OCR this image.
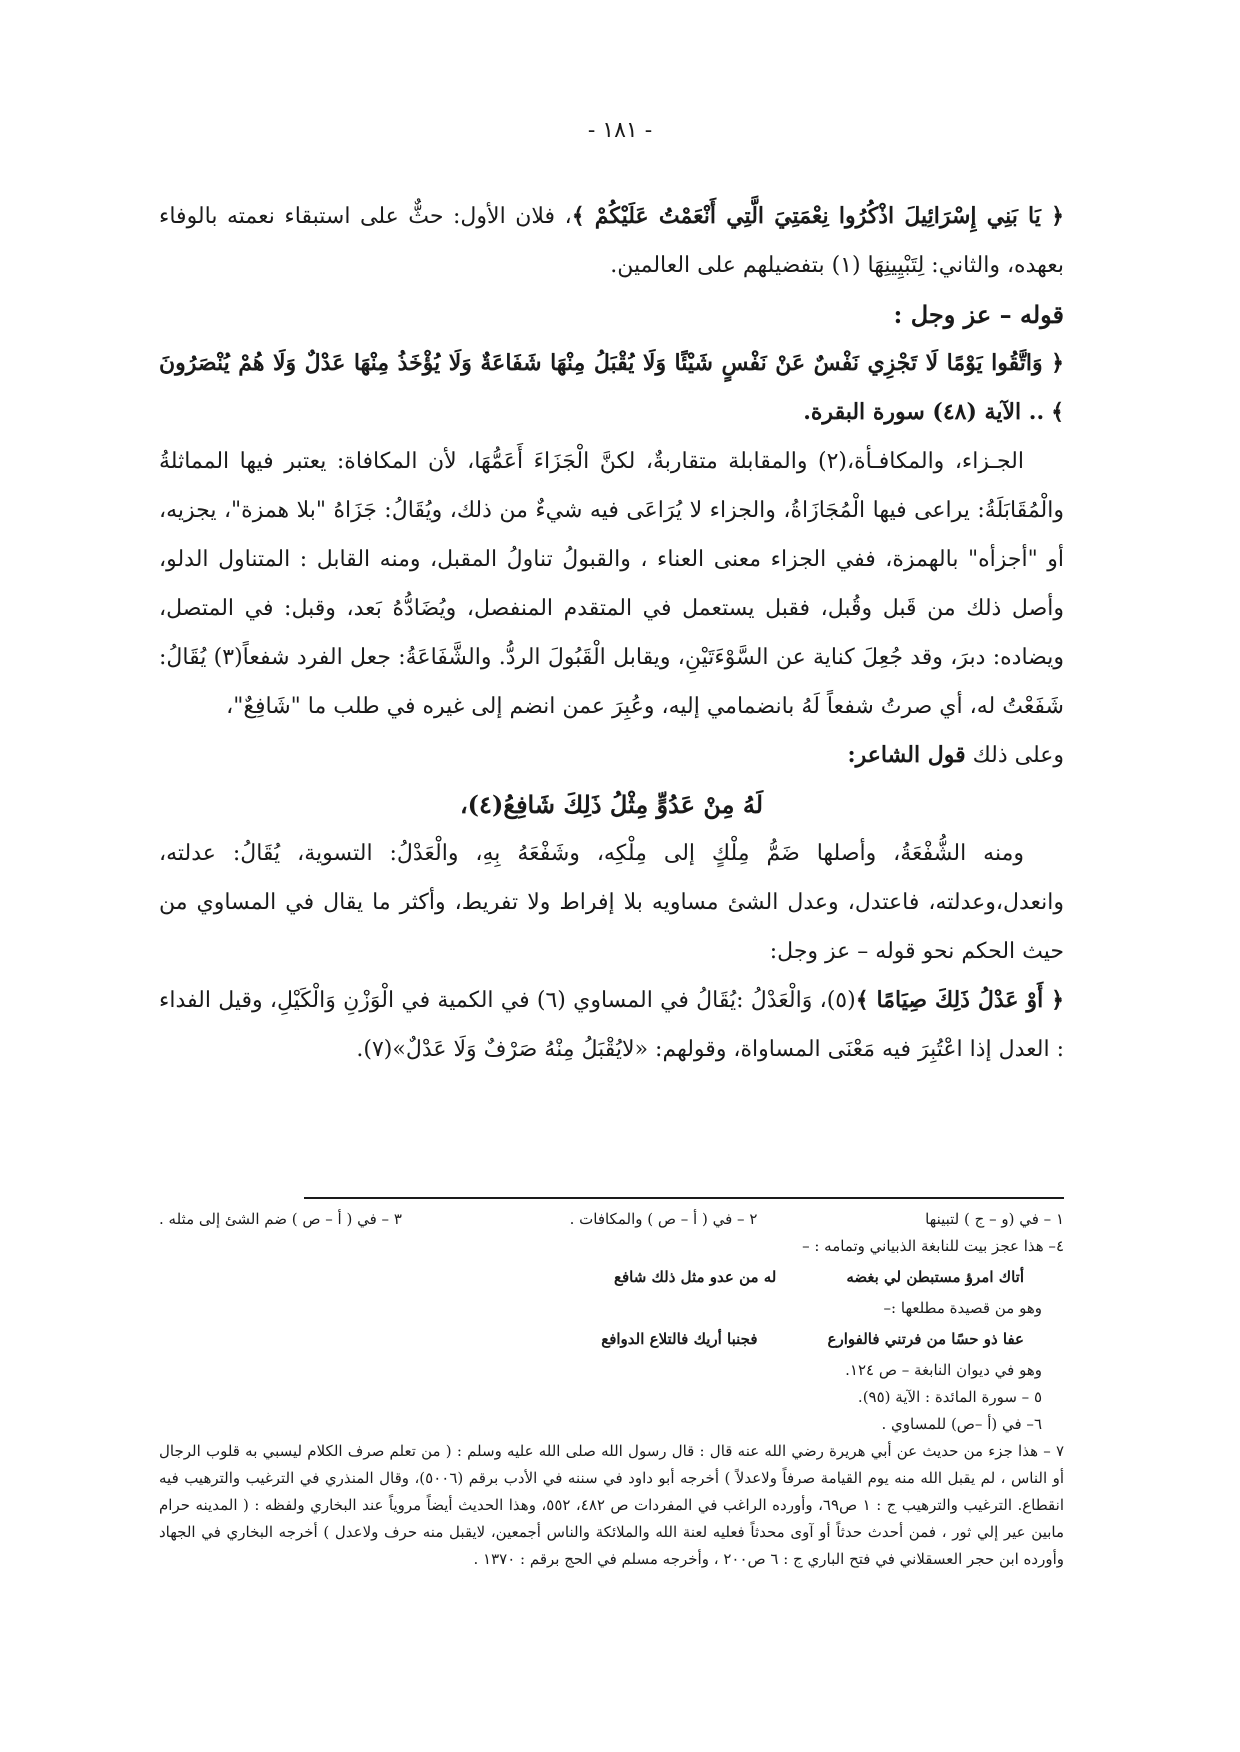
- ١٨١ -

﴿ يَا بَنِي إِسْرَائِيلَ اذْكُرُوا نِعْمَتِيَ الَّتِي أَنْعَمْتُ عَلَيْكُمْ ﴾، فلان الأول: حثٌّ على استبقاء نعمته بالوفاء بعهده، والثاني: لِتَبْيِينِهَا (١) بتفضيلهم على العالمين.

قوله – عز وجل :

﴿ وَاتَّقُوا يَوْمًا لَا تَجْزِي نَفْسٌ عَنْ نَفْسٍ شَيْئًا وَلَا يُقْبَلُ مِنْهَا شَفَاعَةٌ وَلَا يُؤْخَذُ مِنْهَا عَدْلٌ وَلَا هُمْ يُنْصَرُونَ ﴾ .. الآية (٤٨) سورة البقرة.

الجـزاء، والمكافـأة،(٢) والمقابلة متقاربةٌ، لكنَّ الْجَزَاءَ أَعَمُّهَا، لأن المكافاة: يعتبر فيها المماثلةُ والْمُقَابَلَةُ: يراعى فيها الْمُجَازَاةُ، والجزاء لا يُرَاعَى فيه شيءٌ من ذلك، ويُقَالُ: جَزَاهُ "بلا همزة"، يجزيه، أو "أجزأه" بالهمزة، ففي الجزاء معنى العناء ، والقبولُ تناولُ المقبل، ومنه القابل : المتناول الدلو، وأصل ذلك من قَبل وقُبل، فقبل يستعمل في المتقدم المنفصل، ويُضَادُّهُ بَعد، وقبل: في المتصل، ويضاده: دبرَ، وقد جُعِلَ كناية عن السَّوْءَتَيْنِ، ويقابل الْقَبُولَ الردُّ. والشَّفَاعَةُ: جعل الفرد شفعاً(٣) يُقَالُ: شَفَعْتُ له، أي صرتُ شفعاً لَهُ بانضمامي إليه، وعُبِرَ عمن انضم إلى غيره في طلب ما "شَافِعٌ"،

وعلى ذلك قول الشاعر:

لَهُ مِنْ عَدُوٍّ مِثْلُ ذَلِكَ شَافِعُ(٤)،

ومنه الشُّفْعَةُ، وأصلها ضَمُّ مِلْكٍ إلى مِلْكِه، وشَفْعَهُ بِهِ، والْعَدْلُ: التسوية، يُقَالُ: عدلته، وانعدل،وعدلته، فاعتدل، وعدل الشئ مساويه بلا إفراط ولا تفريط، وأكثر ما يقال في المساوي من حيث الحكم نحو قوله – عز وجل:

﴿ أَوْ عَدْلُ ذَلِكَ صِيَامًا ﴾(٥)، وَالْعَدْلُ :يُقَالُ في المساوي (٦) في الكمية في الْوَزْنِ وَالْكَيْلِ، وقيل الفداء : العدل إذا اعْتُبِرَ فيه مَعْنَى المساواة، وقولهم: «لايُقْبَلُ مِنْهُ صَرْفٌ وَلَا عَدْلٌ»(٧).

١ – في (و – ج ) لتبينها
٢ – في ( أ – ص ) والمكافات .
٣ – في ( أ – ص ) ضم الشئ إلى مثله .

٤– هذا عجز بيت للنابغة الذبياني وتمامه : –

أتاك امرؤ مستبطن لي بغضه
له من عدو مثل ذلك شافع

وهو من قصيدة مطلعها :–

عفا ذو حسًا من فرتني فالفوارع
فجنبا أريك فالتلاع الدوافع

وهو في ديوان النابغة – ص ١٢٤.

٥ – سورة المائدة : الآية (٩٥).

٦– في (أ –ص) للمساوي .

٧ – هذا جزء من حديث عن أبي هريرة رضي الله عنه قال : قال رسول الله صلى الله عليه وسلم : ( من تعلم صرف الكلام ليسبي به قلوب الرجال أو الناس ، لم يقبل الله منه يوم القيامة صرفاً ولاعدلاً ) أخرجه أبو داود في سننه في الأدب برقم (٥٠٠٦)، وقال المنذري في الترغيب والترهيب فيه انقطاع. الترغيب والترهيب ج : ١ ص٦٩، وأورده الراغب في المفردات ص ٤٨٢، ٥٥٢، وهذا الحديث أيضاً مروياً عند البخاري ولفظه : ( المدينه حرام مابين عير إلي ثور ، فمن أحدث حدثاً أو آوى محدثاً فعليه لعنة الله والملائكة والناس أجمعين، لايقبل منه حرف ولاعدل ) أخرجه البخاري في الجهاد وأورده ابن حجر العسقلاني في فتح الباري ج : ٦ ص٢٠٠ ، وأخرجه مسلم في الحج برقم : ١٣٧٠ .
